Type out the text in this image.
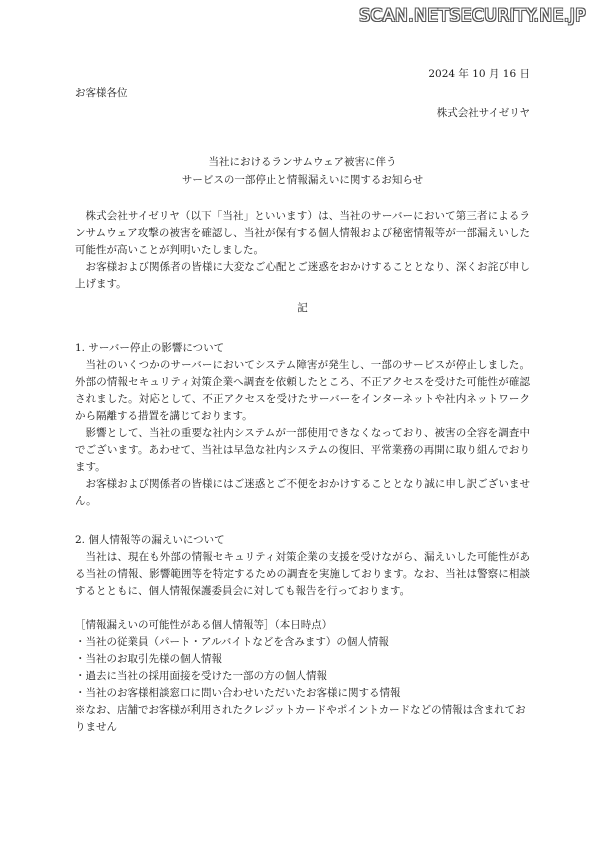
SCAN.NETSECURITY.NE.JP
2024 年 10 月 16 日
お客様各位
株式会社サイゼリヤ
当社におけるランサムウェア被害に伴う
サービスの一部停止と情報漏えいに関するお知らせ

株式会社サイゼリヤ（以下「当社」といいます）は、当社のサーバーにおいて第三者によるランサムウェア攻撃の被害を確認し、当社が保有する個人情報および秘密情報等が一部漏えいした可能性が高いことが判明いたしました。

お客様および関係者の皆様に大変なご心配とご迷惑をおかけすることとなり、深くお詫び申し上げます。

記
1. サーバー停止の影響について

当社のいくつかのサーバーにおいてシステム障害が発生し、一部のサービスが停止しました。外部の情報セキュリティ対策企業へ調査を依頼したところ、不正アクセスを受けた可能性が確認されました。対応として、不正アクセスを受けたサーバーをインターネットや社内ネットワークから隔離する措置を講じております。

影響として、当社の重要な社内システムが一部使用できなくなっており、被害の全容を調査中でございます。あわせて、当社は早急な社内システムの復旧、平常業務の再開に取り組んでおります。

お客様および関係者の皆様にはご迷惑とご不便をおかけすることとなり誠に申し訳ございません。

2. 個人情報等の漏えいについて

当社は、現在も外部の情報セキュリティ対策企業の支援を受けながら、漏えいした可能性がある当社の情報、影響範囲等を特定するための調査を実施しております。なお、当社は警察に相談するとともに、個人情報保護委員会に対しても報告を行っております。

［情報漏えいの可能性がある個人情報等］（本日時点）
・当社の従業員（パート・アルバイトなどを含みます）の個人情報
・当社のお取引先様の個人情報
・過去に当社の採用面接を受けた一部の方の個人情報
・当社のお客様相談窓口に問い合わせいただいたお客様に関する情報
※なお、店舗でお客様が利用されたクレジットカードやポイントカードなどの情報は含まれておりません
